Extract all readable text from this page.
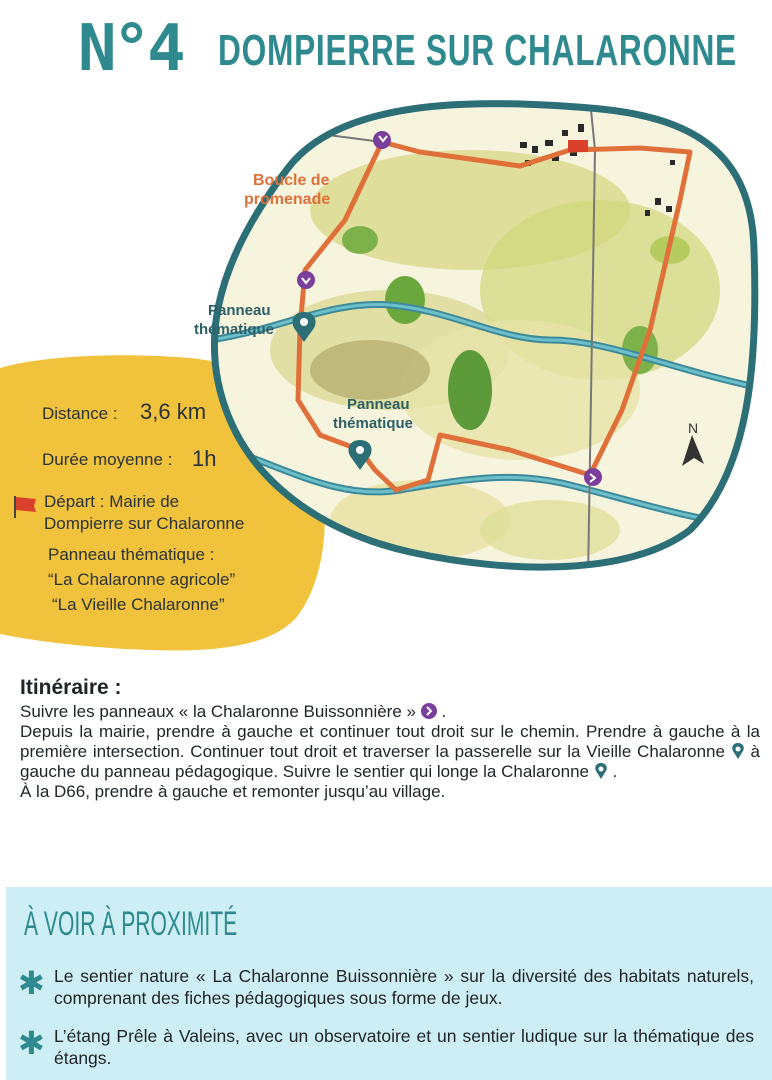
N°4 DOMPIERRE SUR CHALARONNE
Distance : 3,6 km
Durée moyenne : 1h
Départ : Mairie de
Dompierre sur Chalaronne
Panneau thématique :
“La Chalaronne agricole”
“La Vieille Chalaronne”
Boucle de
promenade
Panneau
thématique
Panneau
thématique	N
Itinéraire :

Suivre les panneaux « la Chalaronne Buissonnière » .

Depuis la mairie, prendre à gauche et continuer tout droit sur le chemin. Prendre à gauche à la première intersection. Continuer tout droit et traverser la passerelle sur la Vieille Chalaronne à gauche du panneau pédagogique. Suivre le sentier qui longe la Chalaronne .

À la D66, prendre à gauche et remonter jusqu’au village.

À VOIR À PROXIMITÉ
✱ Le sentier nature « La Chalaronne Buissonnière » sur la diversité des habitats naturels, comprenant des fiches pédagogiques sous forme de jeux.
✱ L’étang Prêle à Valeins, avec un observatoire et un sentier ludique sur la thématique des étangs.
